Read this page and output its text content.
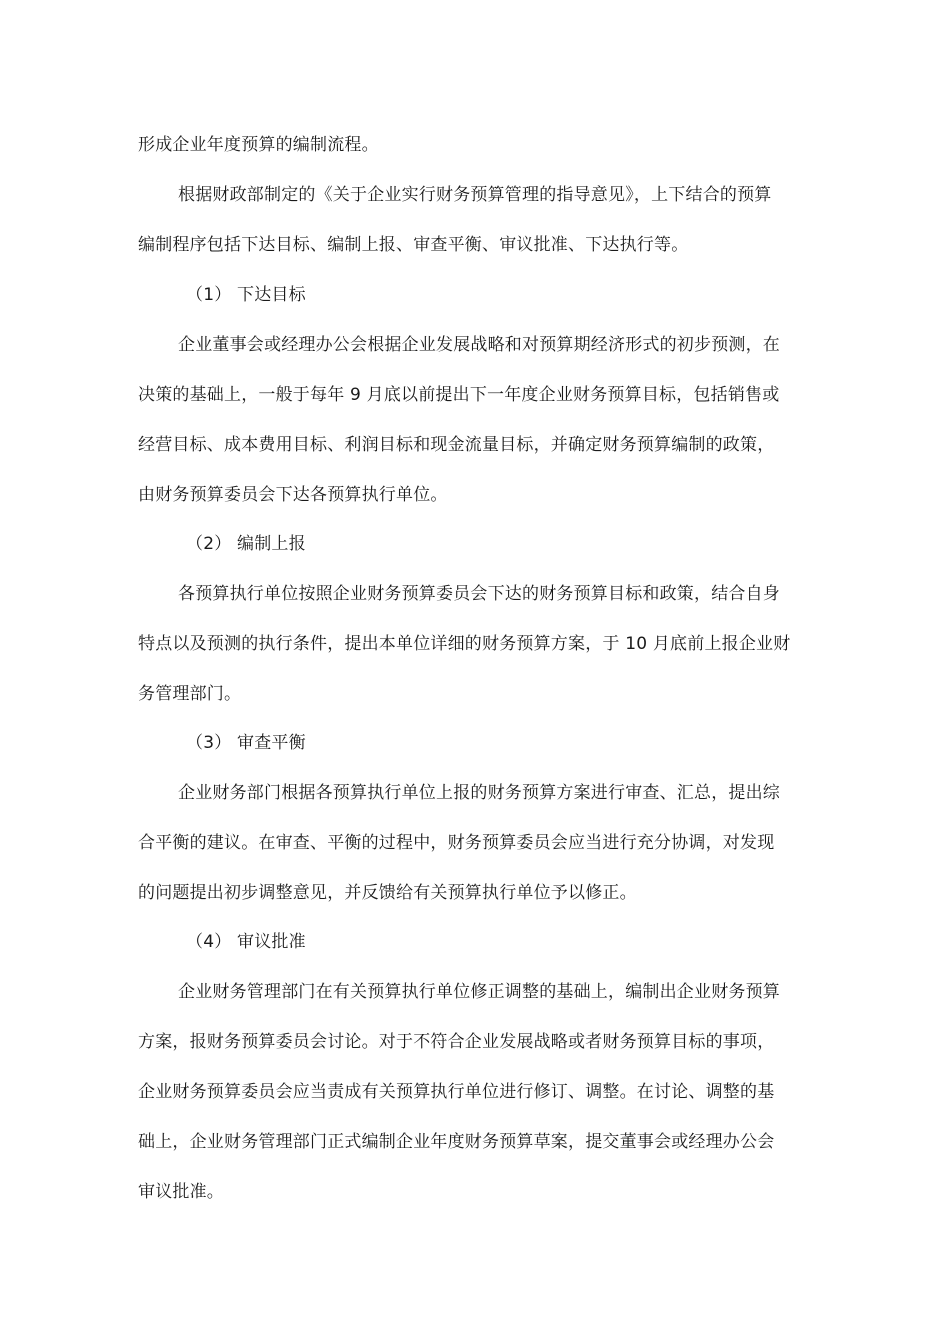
形成企业年度预算的编制流程。
根据财政部制定的《关于企业实行财务预算管理的指导意见》，上下结合的预算
编制程序包括下达目标、编制上报、审查平衡、审议批准、下达执行等。
（1） 下达目标
企业董事会或经理办公会根据企业发展战略和对预算期经济形式的初步预测，在
决策的基础上，一般于每年 9 月底以前提出下一年度企业财务预算目标，包括销售或
经营目标、成本费用目标、利润目标和现金流量目标，并确定财务预算编制的政策，
由财务预算委员会下达各预算执行单位。
（2） 编制上报
各预算执行单位按照企业财务预算委员会下达的财务预算目标和政策，结合自身
特点以及预测的执行条件，提出本单位详细的财务预算方案，于 10 月底前上报企业财
务管理部门。
（3） 审查平衡
企业财务部门根据各预算执行单位上报的财务预算方案进行审查、汇总，提出综
合平衡的建议。在审查、平衡的过程中，财务预算委员会应当进行充分协调，对发现
的问题提出初步调整意见，并反馈给有关预算执行单位予以修正。
（4） 审议批准
企业财务管理部门在有关预算执行单位修正调整的基础上，编制出企业财务预算
方案，报财务预算委员会讨论。对于不符合企业发展战略或者财务预算目标的事项，
企业财务预算委员会应当责成有关预算执行单位进行修订、调整。在讨论、调整的基
础上，企业财务管理部门正式编制企业年度财务预算草案，提交董事会或经理办公会
审议批准。
